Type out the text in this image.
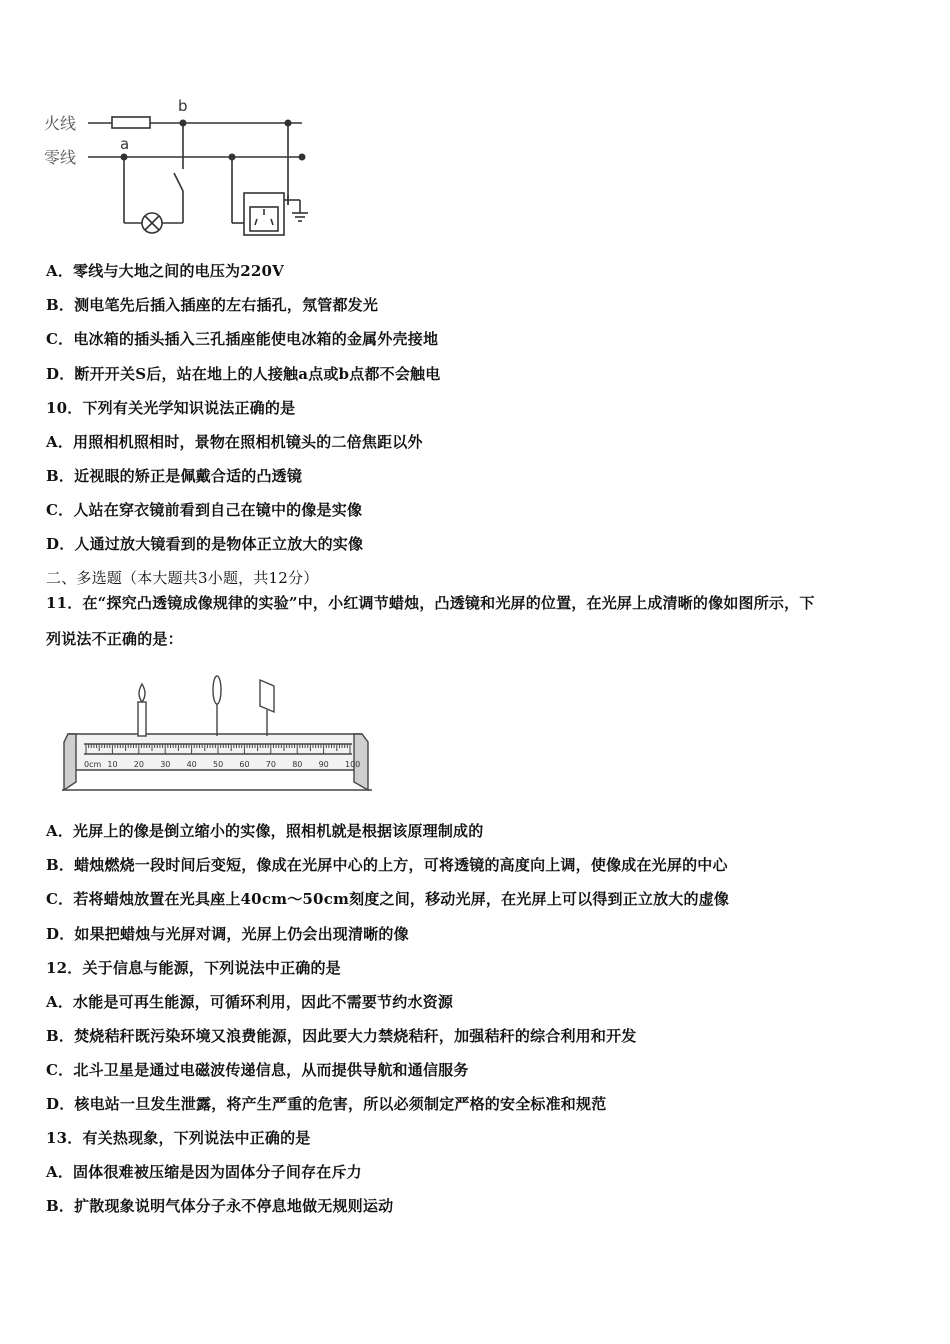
火线
零线
a
b
A．零线与大地之间的电压为220V
B．测电笔先后插入插座的左右插孔，氖管都发光
C．电冰箱的插头插入三孔插座能使电冰箱的金属外壳接地
D．断开开关S后，站在地上的人接触a点或b点都不会触电
10．下列有关光学知识说法正确的是
A．用照相机照相时，景物在照相机镜头的二倍焦距以外
B．近视眼的矫正是佩戴合适的凸透镜
C．人站在穿衣镜前看到自己在镜中的像是实像
D．人通过放大镜看到的是物体正立放大的实像
二、多选题（本大题共3小题，共12分）
11．在“探究凸透镜成像规律的实验”中，小红调节蜡烛，凸透镜和光屏的位置，在光屏上成清晰的像如图所示，下
列说法不正确的是：
0cm 10 20 30 40 50 60 70 80 90 100
A．光屏上的像是倒立缩小的实像，照相机就是根据该原理制成的
B．蜡烛燃烧一段时间后变短，像成在光屏中心的上方，可将透镜的高度向上调，使像成在光屏的中心
C．若将蜡烛放置在光具座上40cm～50cm刻度之间，移动光屏，在光屏上可以得到正立放大的虚像
D．如果把蜡烛与光屏对调，光屏上仍会出现清晰的像
12．关于信息与能源，下列说法中正确的是
A．水能是可再生能源，可循环利用，因此不需要节约水资源
B．焚烧秸秆既污染环境又浪费能源，因此要大力禁烧秸秆，加强秸秆的综合利用和开发
C．北斗卫星是通过电磁波传递信息，从而提供导航和通信服务
D．核电站一旦发生泄露，将产生严重的危害，所以必须制定严格的安全标准和规范
13．有关热现象，下列说法中正确的是
A．固体很难被压缩是因为固体分子间存在斥力
B．扩散现象说明气体分子永不停息地做无规则运动
